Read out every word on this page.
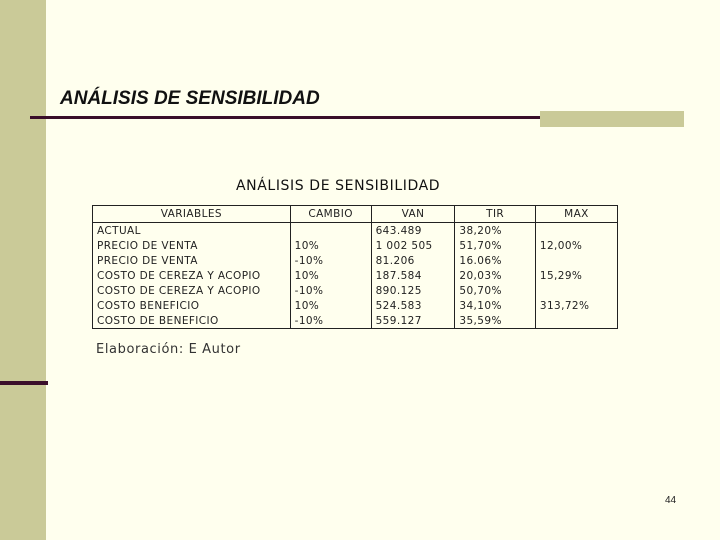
ANÁLISIS DE SENSIBILIDAD
ANÁLISIS DE SENSIBILIDAD
VARIABLES	CAMBIO	VAN	TIR	MAX
ACTUAL		643.489	38,20%	
PRECIO DE VENTA	10%	1 002 505	51,70%	12,00%
PRECIO DE VENTA	-10%	81.206	16.06%	
COSTO DE CEREZA Y ACOPIO	10%	187.584	20,03%	15,29%
COSTO DE CEREZA Y ACOPIO	-10%	890.125	50,70%	
COSTO BENEFICIO	10%	524.583	34,10%	313,72%
COSTO DE BENEFICIO	-10%	559.127	35,59%	
Elaboración: E Autor
44
